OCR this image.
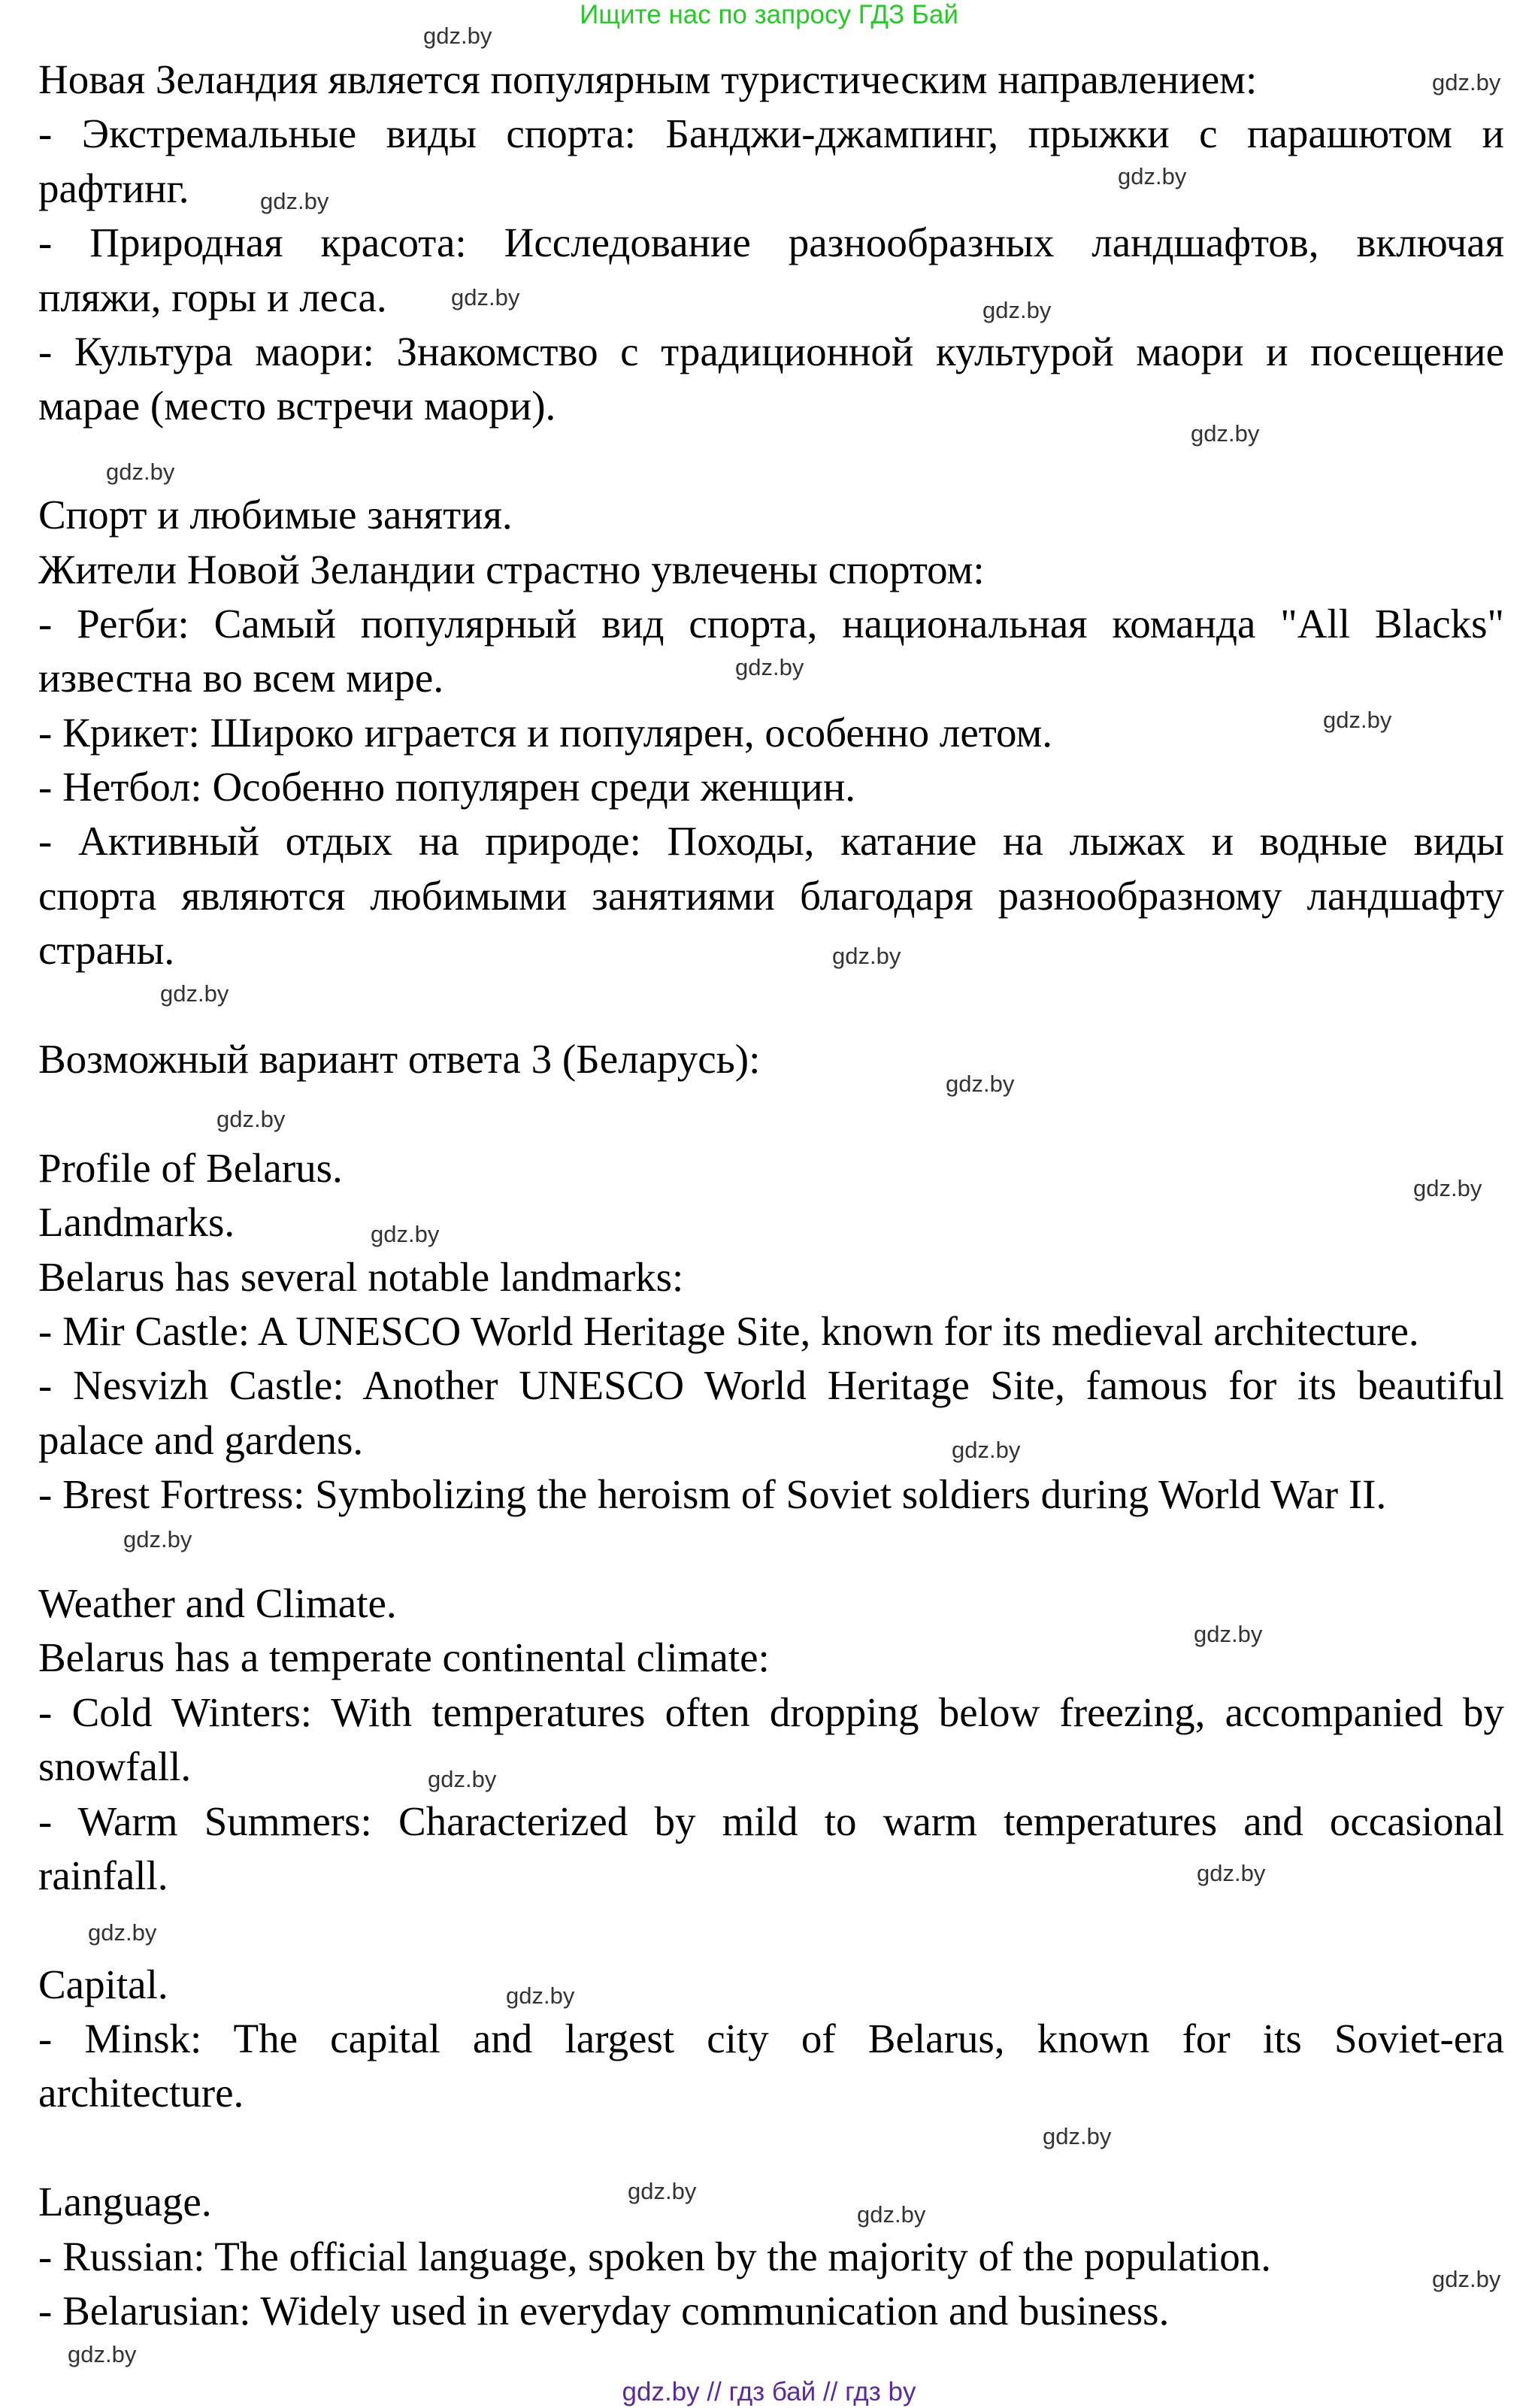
Ищите нас по запросу ГДЗ Бай
Новая Зеландия является популярным туристическим направлением:
- Экстремальные виды спорта: Банджи-джампинг, прыжки с парашютом и
рафтинг.
- Природная красота: Исследование разнообразных ландшафтов, включая
пляжи, горы и леса.
- Культура маори: Знакомство с традиционной культурой маори и посещение
марае (место встречи маори).
Спорт и любимые занятия.
Жители Новой Зеландии страстно увлечены спортом:
- Регби: Самый популярный вид спорта, национальная команда "All Blacks"
известна во всем мире.
- Крикет: Широко играется и популярен, особенно летом.
- Нетбол: Особенно популярен среди женщин.
- Активный отдых на природе: Походы, катание на лыжах и водные виды
спорта являются любимыми занятиями благодаря разнообразному ландшафту
страны.
Возможный вариант ответа 3 (Беларусь):
Profile of Belarus.
Landmarks.
Belarus has several notable landmarks:
- Mir Castle: A UNESCO World Heritage Site, known for its medieval architecture.
- Nesvizh Castle: Another UNESCO World Heritage Site, famous for its beautiful
palace and gardens.
- Brest Fortress: Symbolizing the heroism of Soviet soldiers during World War II.
Weather and Climate.
Belarus has a temperate continental climate:
- Cold Winters: With temperatures often dropping below freezing, accompanied by
snowfall.
- Warm Summers: Characterized by mild to warm temperatures and occasional
rainfall.
Capital.
- Minsk: The capital and largest city of Belarus, known for its Soviet-era
architecture.
Language.
- Russian: The official language, spoken by the majority of the population.
- Belarusian: Widely used in everyday communication and business.
gdz.by
gdz.by
gdz.by
gdz.by
gdz.by	gdz.by
gdz.by
gdz.by
gdz.by
gdz.by
gdz.by
gdz.by
gdz.by
gdz.by
gdz.by
gdz.by
gdz.by
gdz.by
gdz.by
gdz.by
gdz.by
gdz.by
gdz.by
gdz.by
gdz.by
gdz.by
gdz.by
gdz.by
gdz.by // гдз бай // гдз by
